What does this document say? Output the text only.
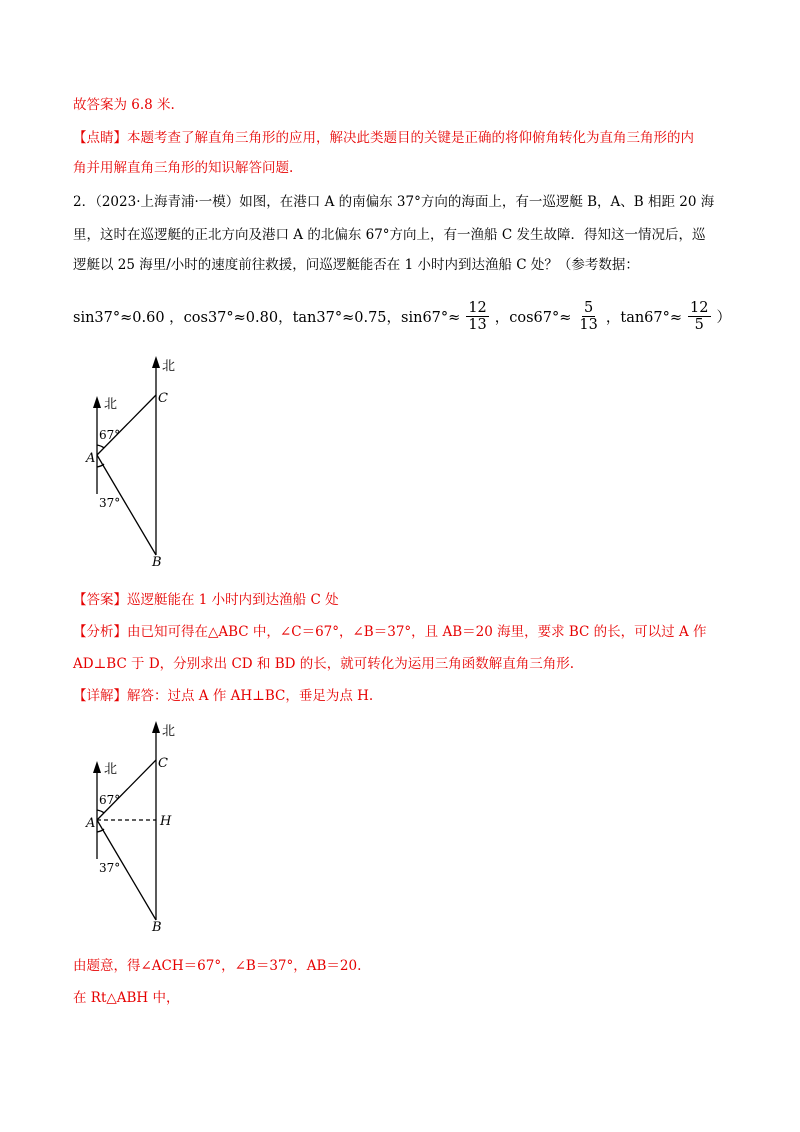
故答案为 6.8 米.
【点睛】本题考查了解直角三角形的应用，解决此类题目的关键是正确的将仰俯角转化为直角三角形的内
角并用解直角三角形的知识解答问题.
2．（2023·上海青浦·一模）如图，在港口 A 的南偏东 37°方向的海面上，有一巡逻艇 B，A、B 相距 20 海
里，这时在巡逻艇的正北方向及港口 A 的北偏东 67°方向上，有一渔船 C 发生故障．得知这一情况后，巡
逻艇以 25 海里/小时的速度前往救援，问巡逻艇能否在 1 小时内到达渔船 C 处？（参考数据：
sin37°≈0.60 ，cos37°≈0.80，tan37°≈0.75，$\sin 67^\circ\approx \frac{12}{13}$ ，$\cos 67^\circ\approx \frac{5}{13}$ ，$\tan 67^\circ\approx \frac{12}{5}$ ）
北
北	C
A
B
67°
37°
【答案】巡逻艇能在 1 小时内到达渔船 C 处
【分析】由已知可得在△ABC 中，∠C＝67°，∠B＝37°，且 AB＝20 海里，要求 BC 的长，可以过 A 作
AD⊥BC 于 D，分别求出 CD 和 BD 的长，就可转化为运用三角函数解直角三角形.
【详解】解答：过点 A 作 AH⊥BC，垂足为点 H.
北
北	C
A	H
B
67°
37°
由题意，得∠ACH＝67°，∠B＝37°，AB＝20.
在 Rt△ABH 中，
